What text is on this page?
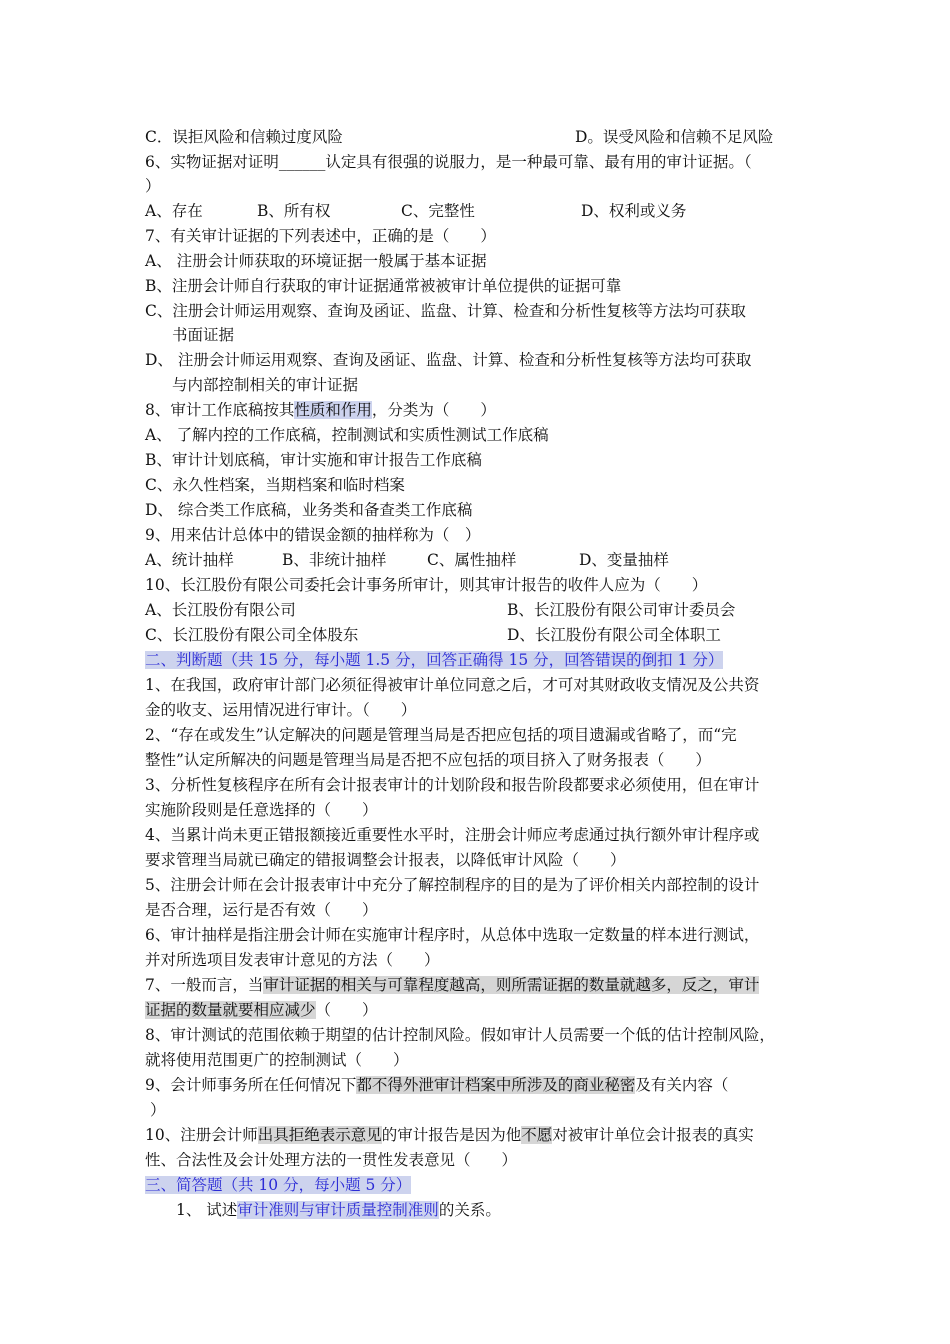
C．误拒风险和信赖过度风险	D。误受风险和信赖不足风险
6、实物证据对证明______认定具有很强的说服力，是一种最可靠、最有用的审计证据。（
）
A、存在	B、所有权	C、完整性	D、权利或义务
7、有关审计证据的下列表述中，正确的是（　　）
A、 注册会计师获取的环境证据一般属于基本证据
B、注册会计师自行获取的审计证据通常被被审计单位提供的证据可靠
C、注册会计师运用观察、查询及函证、监盘、计算、检查和分析性复核等方法均可获取
书面证据
D、 注册会计师运用观察、查询及函证、监盘、计算、检查和分析性复核等方法均可获取
与内部控制相关的审计证据
8、审计工作底稿按其性质和作用，分类为（　　）
A、 了解内控的工作底稿，控制测试和实质性测试工作底稿
B、审计计划底稿，审计实施和审计报告工作底稿
C、永久性档案，当期档案和临时档案
D、 综合类工作底稿，业务类和备查类工作底稿
9、用来估计总体中的错误金额的抽样称为（　）
A、统计抽样	B、非统计抽样	C、属性抽样	D、变量抽样
10、长江股份有限公司委托会计事务所审计，则其审计报告的收件人应为（　　）
A、长江股份有限公司	B、长江股份有限公司审计委员会
C、长江股份有限公司全体股东	D、长江股份有限公司全体职工
二、判断题（共 15 分，每小题 1.5 分，回答正确得 15 分，回答错误的倒扣 1 分）
1、在我国，政府审计部门必须征得被审计单位同意之后，才可对其财政收支情况及公共资
金的收支、运用情况进行审计。（　　）
2、“存在或发生”认定解决的问题是管理当局是否把应包括的项目遗漏或省略了，而“完
整性”认定所解决的问题是管理当局是否把不应包括的项目挤入了财务报表（　　）
3、分析性复核程序在所有会计报表审计的计划阶段和报告阶段都要求必须使用，但在审计
实施阶段则是任意选择的（　　）
4、当累计尚未更正错报额接近重要性水平时，注册会计师应考虑通过执行额外审计程序或
要求管理当局就已确定的错报调整会计报表，以降低审计风险（　　）
5、注册会计师在会计报表审计中充分了解控制程序的目的是为了评价相关内部控制的设计
是否合理，运行是否有效（　　）
6、审计抽样是指注册会计师在实施审计程序时，从总体中选取一定数量的样本进行测试，
并对所选项目发表审计意见的方法（　　）
7、一般而言，当审计证据的相关与可靠程度越高，则所需证据的数量就越多，反之，审计
证据的数量就要相应减少（　　）
8、审计测试的范围依赖于期望的估计控制风险。假如审计人员需要一个低的估计控制风险，
就将使用范围更广的控制测试（　　）
9、会计师事务所在任何情况下都不得外泄审计档案中所涉及的商业秘密及有关内容（
）
10、注册会计师出具拒绝表示意见的审计报告是因为他不愿对被审计单位会计报表的真实
性、合法性及会计处理方法的一贯性发表意见（　　）
三、简答题（共 10 分，每小题 5 分）
1、 试述审计准则与审计质量控制准则的关系。
